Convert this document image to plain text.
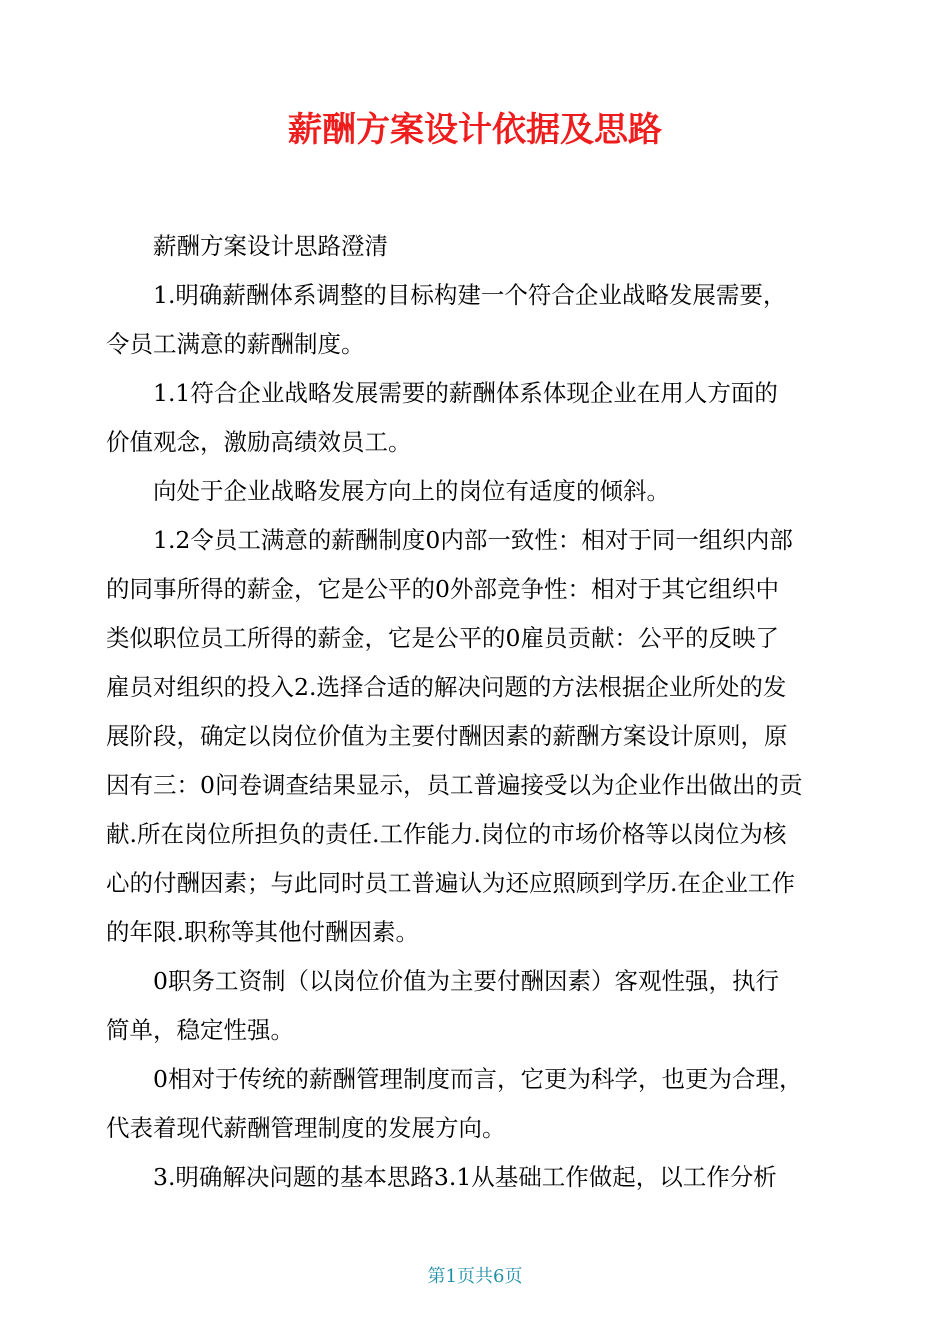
薪酬方案设计依据及思路

薪酬方案设计思路澄清

1.明确薪酬体系调整的目标构建一个符合企业战略发展需要，
令员工满意的薪酬制度。

1.1符合企业战略发展需要的薪酬体系体现企业在用人方面的
价值观念，激励高绩效员工。

向处于企业战略发展方向上的岗位有适度的倾斜。

1.2令员工满意的薪酬制度0内部一致性：相对于同一组织内部
的同事所得的薪金，它是公平的0外部竞争性：相对于其它组织中
类似职位员工所得的薪金，它是公平的0雇员贡献：公平的反映了
雇员对组织的投入2.选择合适的解决问题的方法根据企业所处的发
展阶段，确定以岗位价值为主要付酬因素的薪酬方案设计原则，原
因有三：0问卷调查结果显示，员工普遍接受以为企业作出做出的贡
献.所在岗位所担负的责任.工作能力.岗位的市场价格等以岗位为核
心的付酬因素；与此同时员工普遍认为还应照顾到学历.在企业工作
的年限.职称等其他付酬因素。

0职务工资制（以岗位价值为主要付酬因素）客观性强，执行
简单，稳定性强。

0相对于传统的薪酬管理制度而言，它更为科学，也更为合理，
代表着现代薪酬管理制度的发展方向。

3.明确解决问题的基本思路3.1从基础工作做起，以工作分析

第1页共6页
